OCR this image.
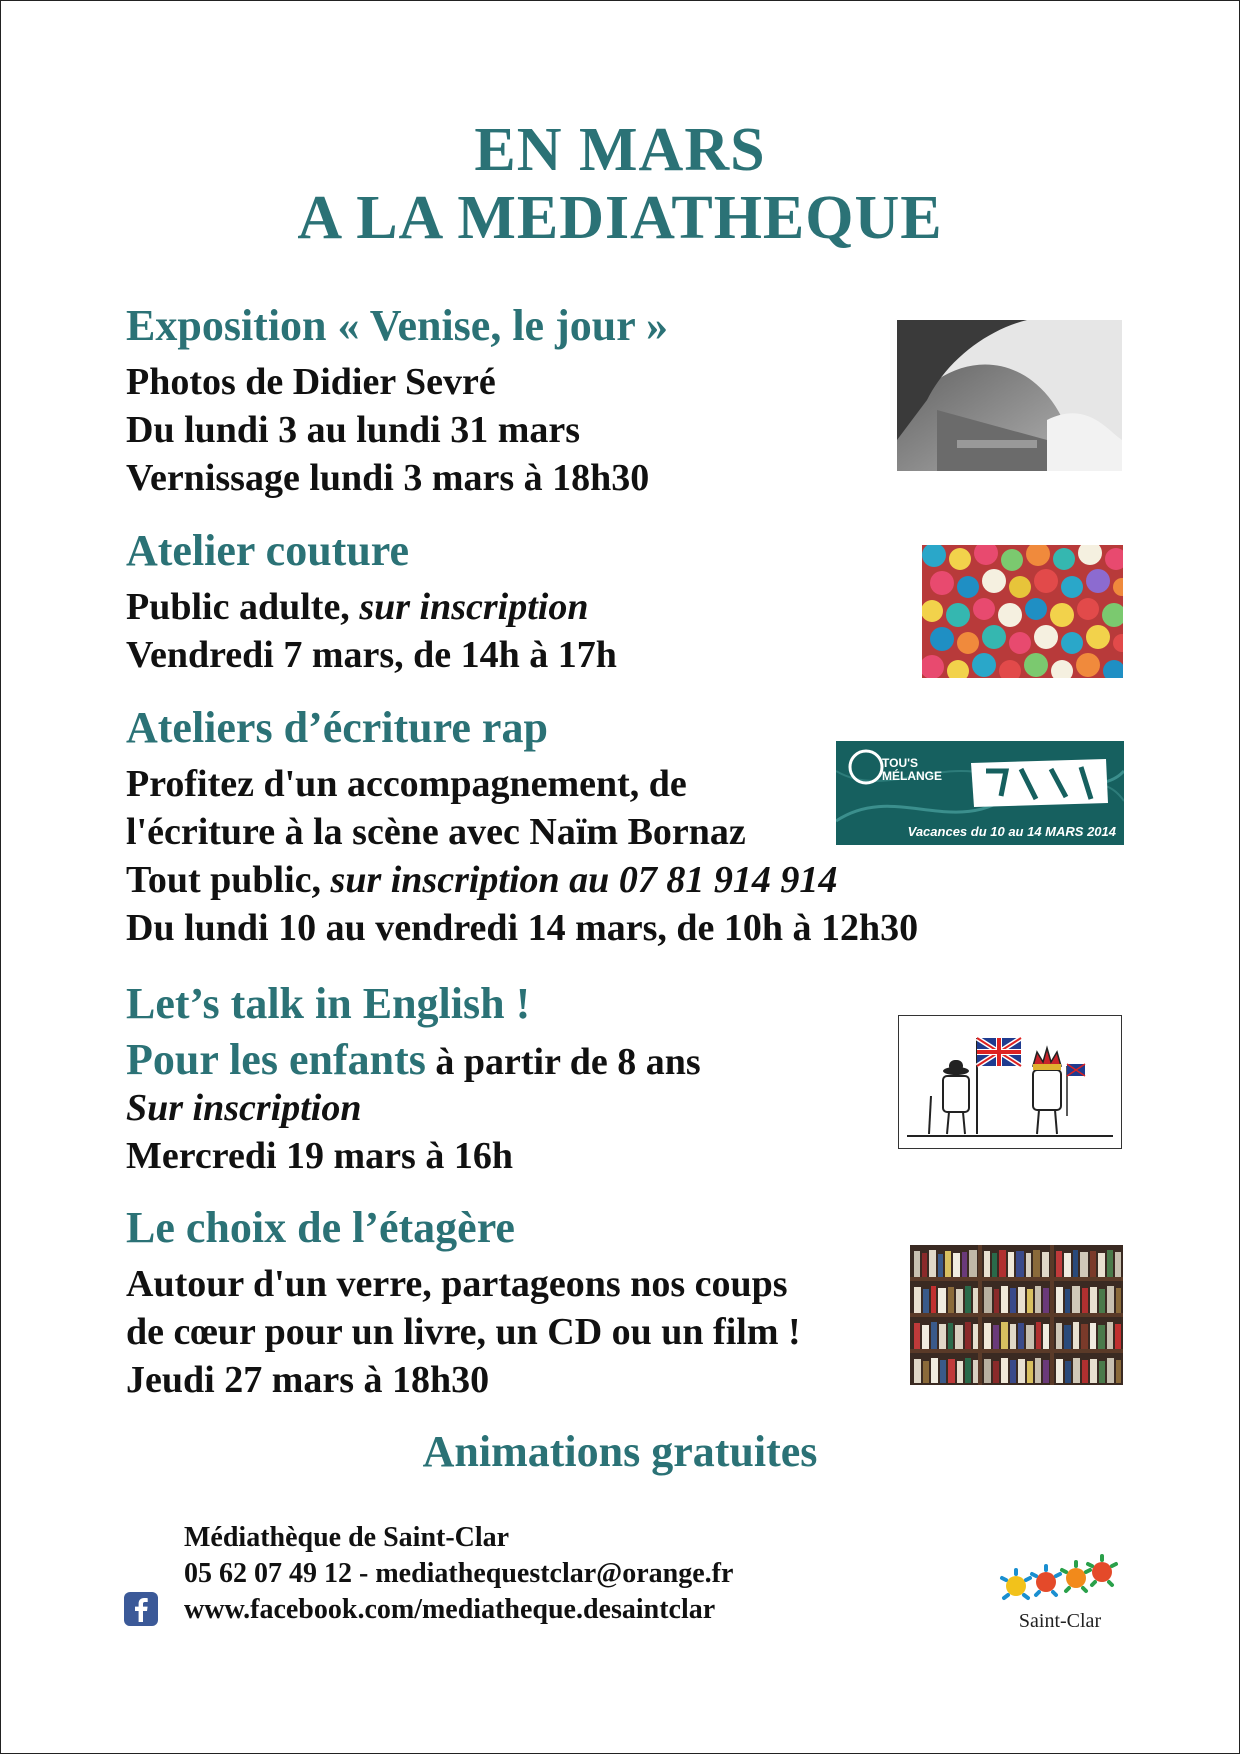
EN MARS
A LA MEDIATHEQUE
Exposition « Venise, le jour »
Photos de Didier Sevré
Du lundi 3 au lundi 31 mars
Vernissage lundi 3 mars à 18h30
Atelier couture
Public adulte, sur inscription
Vendredi 7 mars, de 14h à 17h
Ateliers d’écriture rap
Profitez d'un accompagnement, de
l'écriture à la scène avec Naïm Bornaz
Tout public, sur inscription au 07 81 914 914
Du lundi 10 au vendredi 14 mars, de 10h à 12h30
TOU'S MÉLANGE
Vacances du 10 au 14 MARS 2014
Let’s talk in English !
Pour les enfants à partir de 8 ans
Sur inscription
Mercredi 19 mars à 16h
Le choix de l’étagère
Autour d'un verre, partageons nos coups
de cœur pour un livre, un CD ou un film !
Jeudi 27 mars à 18h30
Animations gratuites
Médiathèque de Saint-Clar
05 62 07 49 12 - mediathequestclar@orange.fr
www.facebook.com/mediatheque.desaintclar	Saint-Clar
